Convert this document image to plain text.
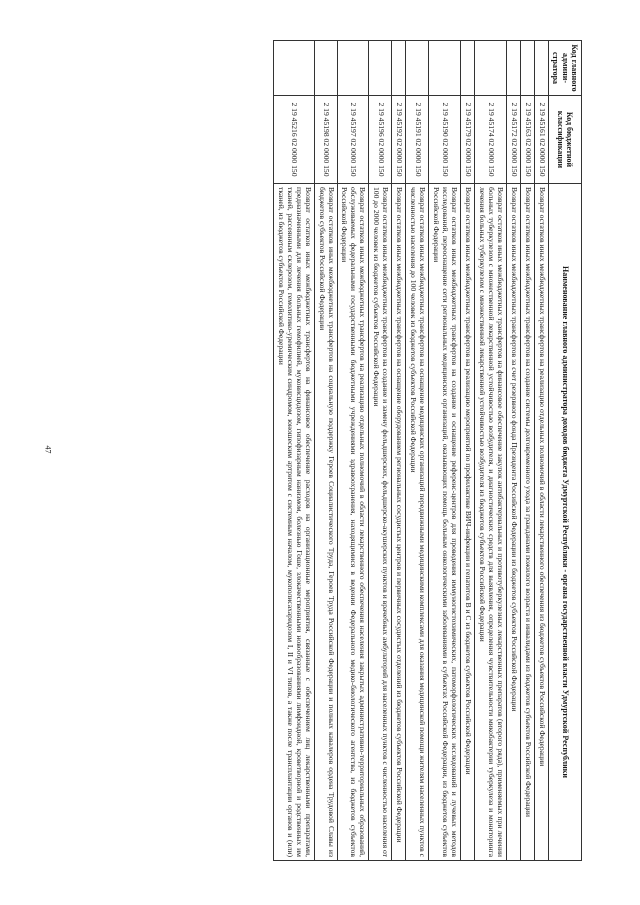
47
Код главного админи-стратора	Код бюджетной классификации	Наименование главного администратора доходов бюджета Удмуртской Республики - органа государственной власти Удмуртской Республики
	2 19 45161 02 0000 150	Возврат остатков иных межбюджетных трансфертов на реализацию отдельных полномочий в области лекарственного обеспечения из бюджетов субъектов Российской Федерации
	2 19 45163 02 0000 150	Возврат остатков иных межбюджетных трансфертов на создание системы долговременного ухода за гражданами пожилого возраста и инвалидами из бюджетов субъектов Российской Федерации
	2 19 45172 02 0000 150	Возврат остатков иных межбюджетных трансфертов за счет резервного фонда Президента Российской Федерации из бюджетов субъектов Российской Федерации
	2 19 45174 02 0000 150	Возврат остатков иных межбюджетных трансфертов на финансовое обеспечение закупок антибактериальных и противотуберкулезных лекарственных препаратов (второго ряда), применяемых при лечении больных туберкулезом с множественной лекарственной устойчивостью возбудителя, и диагностических средств для выявления, определения чувствительности микобактерии туберкулеза и мониторинга лечения больных туберкулезом с множественной лекарственной устойчивостью возбудителя из бюджетов субъектов Российской Федерации
	2 19 45179 02 0000 150	Возврат остатков иных межбюджетных трансфертов на реализацию мероприятий по профилактике ВИЧ-инфекции и гепатитов B и C из бюджетов субъектов Российской Федерации
	2 19 45190 02 0000 150	Возврат остатков иных межбюджетных трансфертов на создание и оснащение референс-центров для проведения иммуногистохимических, патоморфологических исследований и лучевых методов исследований, переоснащение сети региональных медицинских организаций, оказывающих помощь больным онкологическими заболеваниями в субъектах Российской Федерации, из бюджетов субъектов Российской Федерации
	2 19 45191 02 0000 150	Возврат остатков иных межбюджетных трансфертов на оснащение медицинских организаций передвижными медицинскими комплексами для оказания медицинской помощи жителям населенных пунктов с численностью населения до 100 человек из бюджетов субъектов Российской Федерации
	2 19 45192 02 0000 150	Возврат остатков иных межбюджетных трансфертов на оснащение оборудованием региональных сосудистых центров и первичных сосудистых отделений из бюджетов субъектов Российской Федерации
	2 19 45196 02 0000 150	Возврат остатков иных межбюджетных трансфертов на создание и замену фельдшерских, фельдшерско-акушерских пунктов и врачебных амбулаторий для населенных пунктов с численностью населения от 100 до 2000 человек из бюджетов субъектов Российской Федерации
	2 19 45197 02 0000 150	Возврат остатков иных межбюджетных трансфертов на реализацию отдельных полномочий в области лекарственного обеспечения населения закрытых административно-территориальных образований, обслуживаемых федеральными государственными бюджетными учреждениями здравоохранения, находящимися в ведении Федерального медико-биологического агентства, из бюджетов субъектов Российской Федерации
	2 19 45198 02 0000 150	Возврат остатков иных межбюджетных трансфертов на социальную поддержку Героев Социалистического Труда, Героев Труда Российской Федерации и полных кавалеров ордена Трудовой Славы из бюджетов субъектов Российской Федерации
	2 19 45216 02 0000 150	Возврат остатков иных межбюджетных трансфертов на финансовое обеспечение расходов на организационные мероприятия, связанные с обеспечением лиц лекарственными препаратами, предназначенными для лечения больных гемофилией, муковисцидозом, гипофизарным нанизмом, болезнью Гоше, злокачественными новообразованиями лимфоидной, кроветворной и родственных им тканей, рассеянным склерозом, гемолитико-уремическим синдромом, юношеским артритом с системным началом, мукополисахаридозом I, II и VI типов, а также после трансплантации органов и (или) тканей, из бюджетов субъектов Российской Федерации
